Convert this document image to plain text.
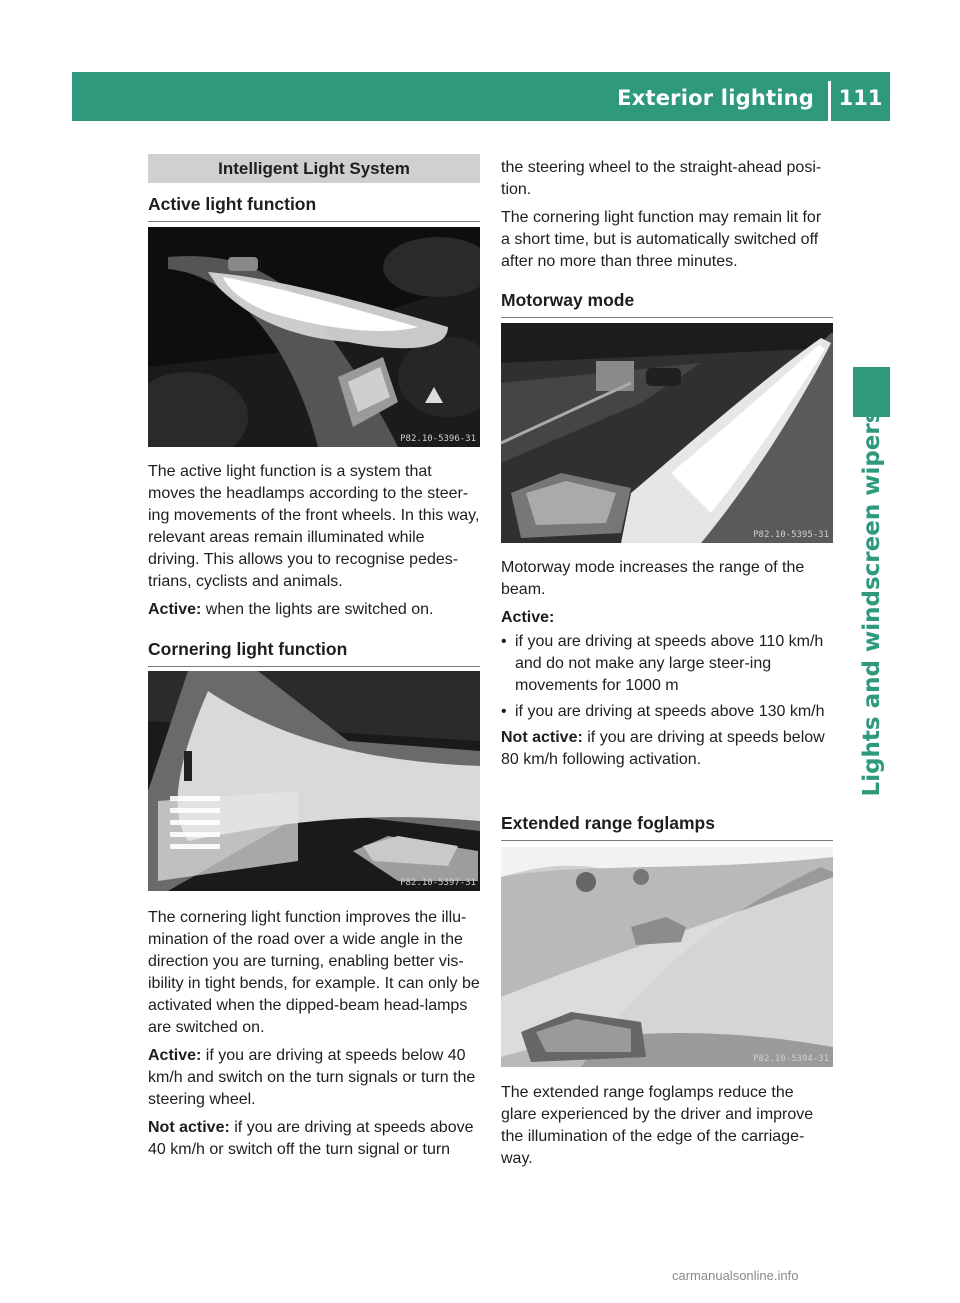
Exterior lighting	111
Lights and windscreen wipers
Intelligent Light System
Active light function
P82.10-5396-31

The active light function is a system that moves the headlamps according to the steer-ing movements of the front wheels. In this way, relevant areas remain illuminated while driving. This allows you to recognise pedes-trians, cyclists and animals.

Active: when the lights are switched on.

Cornering light function
P82.10-5397-31

The cornering light function improves the illu-mination of the road over a wide angle in the direction you are turning, enabling better vis-ibility in tight bends, for example. It can only be activated when the dipped-beam head-lamps are switched on.

Active: if you are driving at speeds below 40 km/h and switch on the turn signals or turn the steering wheel.

Not active: if you are driving at speeds above 40 km/h or switch off the turn signal or turn

the steering wheel to the straight-ahead posi-tion.

The cornering light function may remain lit for a short time, but is automatically switched off after no more than three minutes.

Motorway mode
P82.10-5395-31

Motorway mode increases the range of the beam.

Active:

• if you are driving at speeds above 110 km/h and do not make any large steer-ing movements for 1000 m
• if you are driving at speeds above 130 km/h

Not active: if you are driving at speeds below 80 km/h following activation.

Extended range foglamps
P82.10-5394-31

The extended range foglamps reduce the glare experienced by the driver and improve the illumination of the edge of the carriage-way.

carmanualsonline.info
